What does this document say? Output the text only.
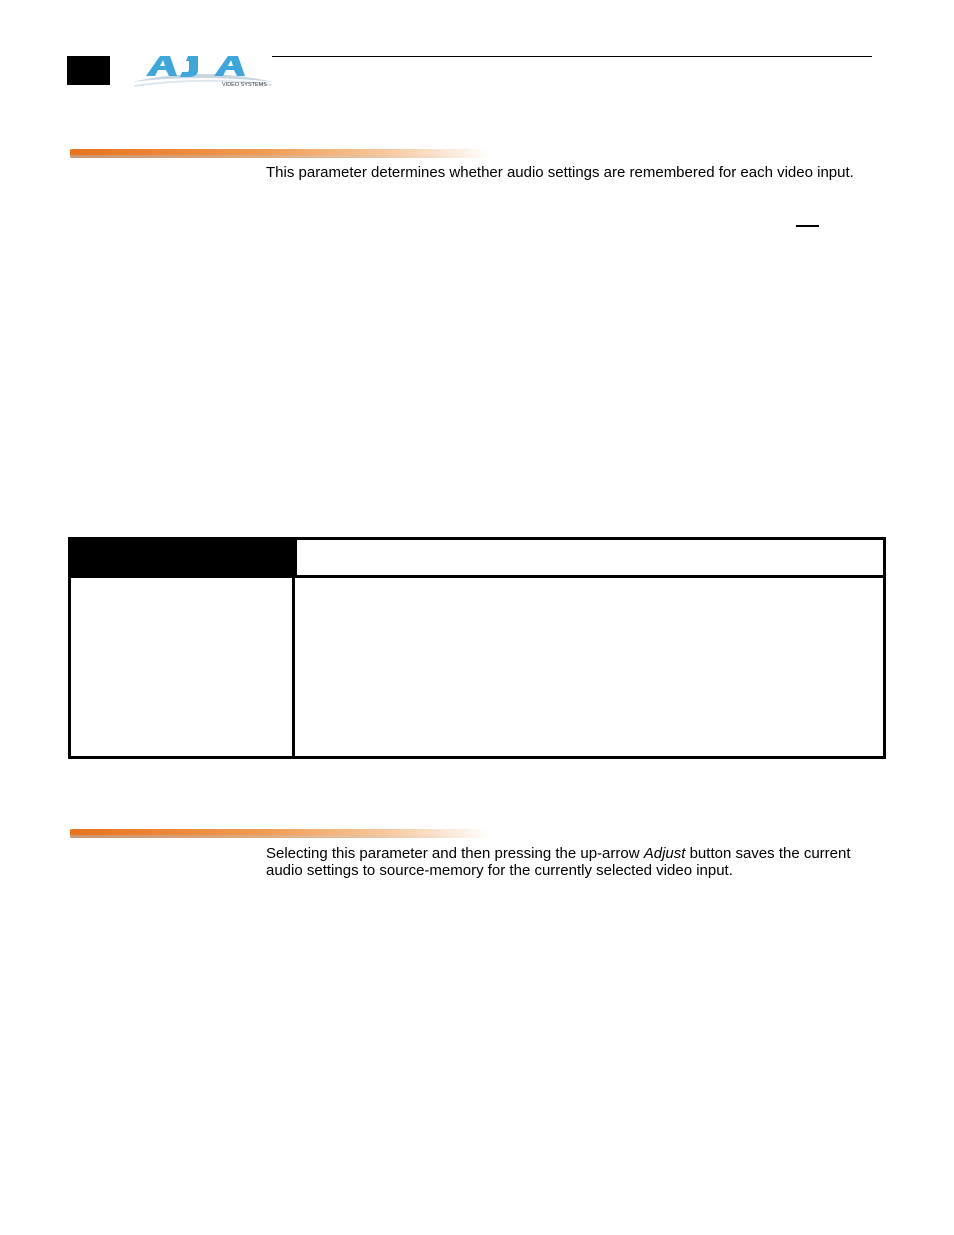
VIDEO SYSTEMS
This parameter determines whether audio settings are remembered for each video input.
Selecting this parameter and then pressing the up-arrow Adjust button saves the current audio settings to source-memory for the currently selected video input.
